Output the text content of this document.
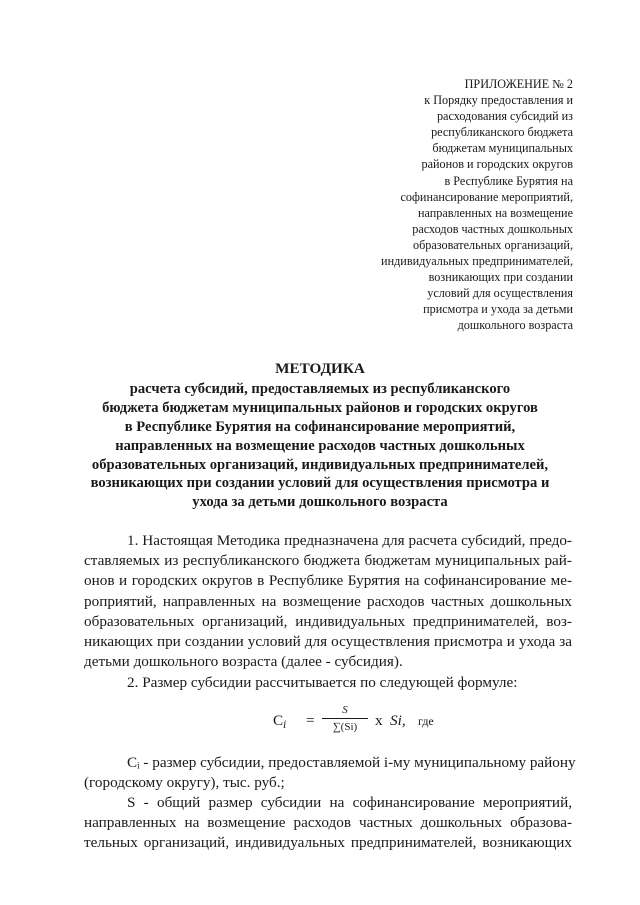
ПРИЛОЖЕНИЕ № 2
к Порядку предоставления и
расходования субсидий из
республиканского бюджета
бюджетам муниципальных
районов и городских округов
в Республике Бурятия на
софинансирование мероприятий,
направленных на возмещение
расходов частных дошкольных
образовательных организаций,
индивидуальных предпринимателей,
возникающих при создании
условий для осуществления
присмотра и ухода за детьми
дошкольного возраста
МЕТОДИКА
расчета субсидий, предоставляемых из республиканского
бюджета бюджетам муниципальных районов и городских округов
в Республике Бурятия на софинансирование мероприятий,
направленных на возмещение расходов частных дошкольных
образовательных организаций, индивидуальных предпринимателей,
возникающих при создании условий для осуществления присмотра и
ухода за детьми дошкольного возраста
1. Настоящая Методика предназначена для расчета субсидий, предо-
ставляемых из республиканского бюджета бюджетам муниципальных рай-
онов и городских округов в Республике Бурятия на софинансирование ме-
роприятий, направленных на возмещение расходов частных дошкольных
образовательных организаций, индивидуальных предпринимателей, воз-
никающих при создании условий для осуществления присмотра и ухода за
детьми дошкольного возраста (далее - субсидия).
2. Размер субсидии рассчитывается по следующей формуле:
Ci =
S
∑(Si)	x Si, где
Cᵢ - размер субсидии, предоставляемой i-му муниципальному району
(городскому округу), тыс. руб.;
S - общий размер субсидии на софинансирование мероприятий,
направленных на возмещение расходов частных дошкольных образова-
тельных организаций, индивидуальных предпринимателей, возникающих
